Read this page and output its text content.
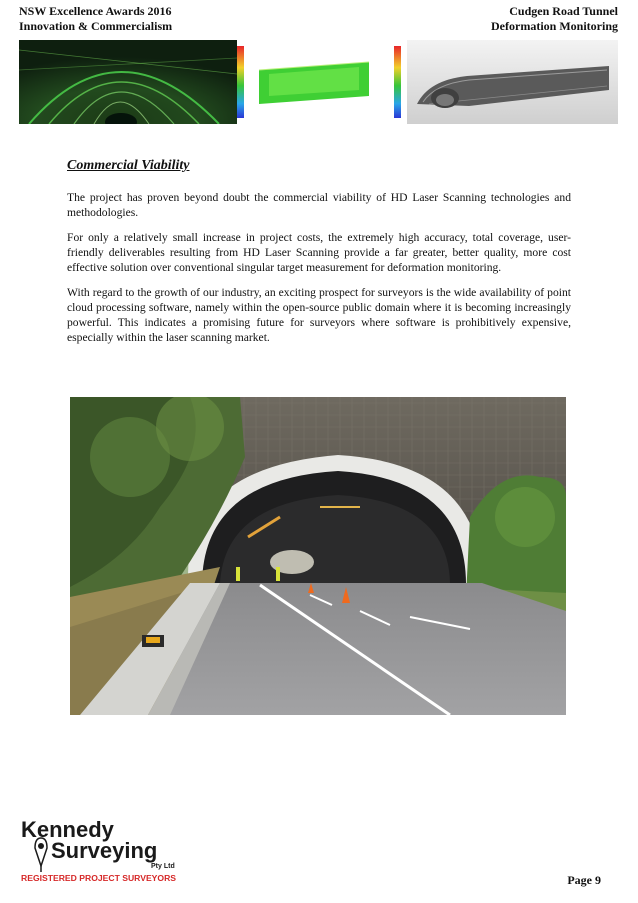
NSW Excellence Awards 2016
Innovation & Commercialism
Cudgen Road Tunnel
Deformation Monitoring
Commercial Viability

The project has proven beyond doubt the commercial viability of HD Laser Scanning technologies and methodologies.

For only a relatively small increase in project costs, the extremely high accuracy, total coverage, user-friendly deliverables resulting from HD Laser Scanning provide a far greater, better quality, more cost effective solution over conventional singular target measurement for deformation monitoring.

With regard to the growth of our industry, an exciting prospect for surveyors is the wide availability of point cloud processing software, namely within the open-source public domain where it is becoming increasingly powerful. This indicates a promising future for surveyors where software is prohibitively expensive, especially within the laser scanning market.

Kennedy
Surveying
Pty Ltd
REGISTERED PROJECT SURVEYORS	Page 9
